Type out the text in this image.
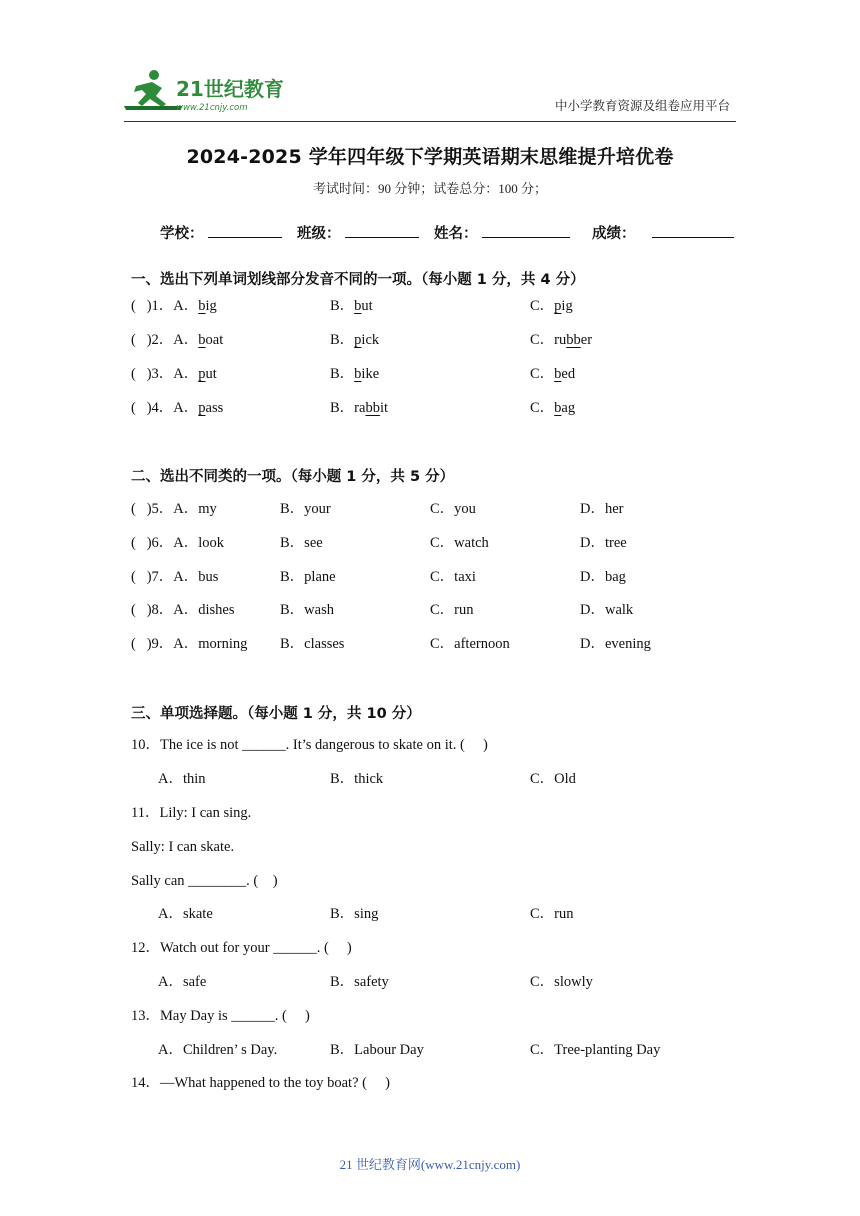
21世纪教育
www.21cnjy.com	中小学教育资源及组卷应用平台
2024-2025 学年四年级下学期英语期末思维提升培优卷
考试时间：90 分钟；试卷总分：100 分；
学校：	班级：	姓名：	成绩：
一、选出下列单词划线部分发音不同的一项。（每小题 1 分，共 4 分）
(   )1．A．big	B．but	C．pig
(   )2．A．boat	B．pick	C．rubber
(   )3．A．put	B．bike	C．bed
(   )4．A．pass	B．rabbit	C．bag
二、选出不同类的一项。（每小题 1 分，共 5 分）
(   )5．A．my	B．your	C．you	D．her
(   )6．A．look	B．see	C．watch	D．tree
(   )7．A．bus	B．plane	C．taxi	D．bag
(   )8．A．dishes	B．wash	C．run	D．walk
(   )9．A．morning B．classes	C．afternoon	D．evening
三、单项选择题。（每小题 1 分，共 10 分）
10．The ice is not ______. It’s dangerous to skate on it. (     )
A．thin	B．thick	C．Old
11．Lily: I can sing.
Sally: I can skate.
Sally can ________. (    )
A．skate	B．sing	C．run
12．Watch out for your ______. (     )
A．safe	B．safety	C．slowly
13．May Day is ______. (     )
A．Children’ s Day.	B．Labour Day	C．Tree-planting Day
14．—What happened to the toy boat? (     )
21 世纪教育网(www.21cnjy.com)
